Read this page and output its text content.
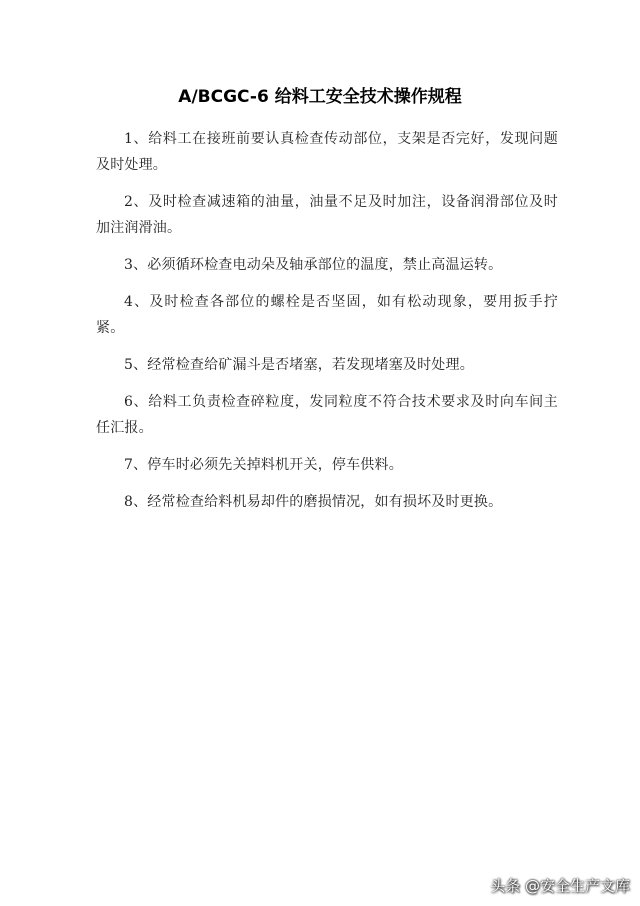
A/BCGC-6 给料工安全技术操作规程

1、给料工在接班前要认真检查传动部位，支架是否完好，发现问题及时处理。

2、及时检查减速箱的油量，油量不足及时加注，设备润滑部位及时加注润滑油。

3、必须循环检查电动朵及轴承部位的温度，禁止高温运转。

4、及时检查各部位的螺栓是否坚固，如有松动现象，要用扳手拧紧。

5、经常检查给矿漏斗是否堵塞，若发现堵塞及时处理。

6、给料工负责检查碎粒度，发同粒度不符合技术要求及时向车间主任汇报。

7、停车时必须先关掉料机开关，停车供料。

8、经常检查给料机易却件的磨损情况，如有损坏及时更换。

头条 @安全生产文库
